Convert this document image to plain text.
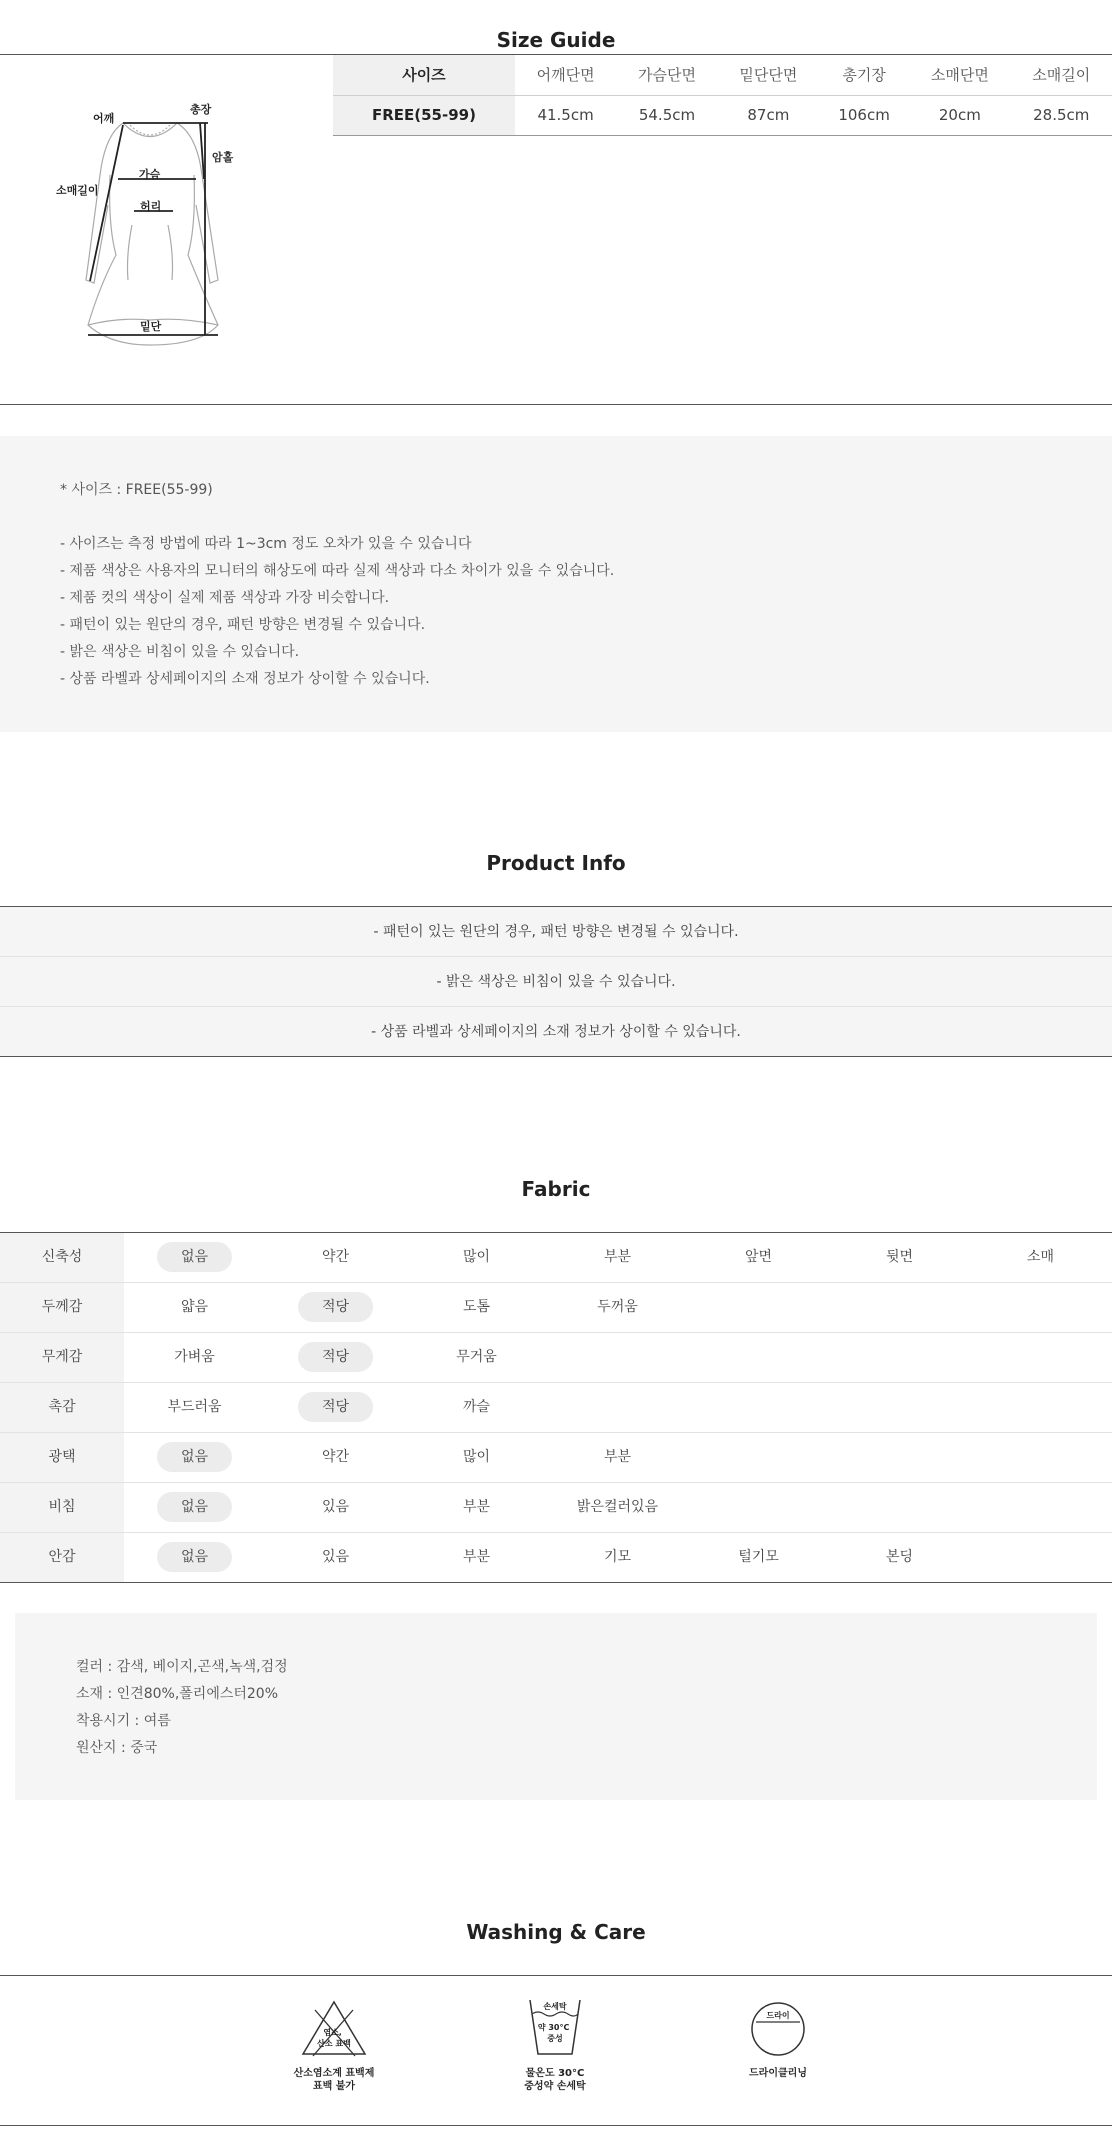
Size Guide
어깨
총장
암홀
소매길이
가슴
허리
밑단
사이즈	어깨단면	가슴단면	밑단단면	총기장	소매단면	소매길이
FREE(55-99)	41.5cm	54.5cm	87cm	106cm	20cm	28.5cm
* 사이즈 : FREE(55-99)
- 사이즈는 측정 방법에 따라 1~3cm 정도 오차가 있을 수 있습니다
- 제품 색상은 사용자의 모니터의 해상도에 따라 실제 색상과 다소 차이가 있을 수 있습니다.
- 제품 컷의 색상이 실제 제품 색상과 가장 비슷합니다.
- 패턴이 있는 원단의 경우, 패턴 방향은 변경될 수 있습니다.
- 밝은 색상은 비침이 있을 수 있습니다.
- 상품 라벨과 상세페이지의 소재 정보가 상이할 수 있습니다.
Product Info
- 패턴이 있는 원단의 경우, 패턴 방향은 변경될 수 있습니다.
- 밝은 색상은 비침이 있을 수 있습니다.
- 상품 라벨과 상세페이지의 소재 정보가 상이할 수 있습니다.
Fabric
신축성	없음	약간	많이	부분	앞면	뒷면	소매
두께감	얇음	적당	도톰	두꺼움
무게감	가벼움	적당	무거움
촉감	부드러움	적당	까슬
광택	없음	약간	많이	부분
비침	없음	있음	부분	밝은컬러있음
안감	없음	있음	부분	기모	털기모	본딩
컬러 : 감색, 베이지,곤색,녹색,검정
소재 : 인견80%,폴리에스터20%
착용시기 : 여름
원산지 : 중국
Washing & Care
염소, 산소 표백
산소염소계 표백제
표백 불가
손세탁
약 30°C 중성
물온도 30°C
중성약 손세탁
드라이
드라이클리닝
